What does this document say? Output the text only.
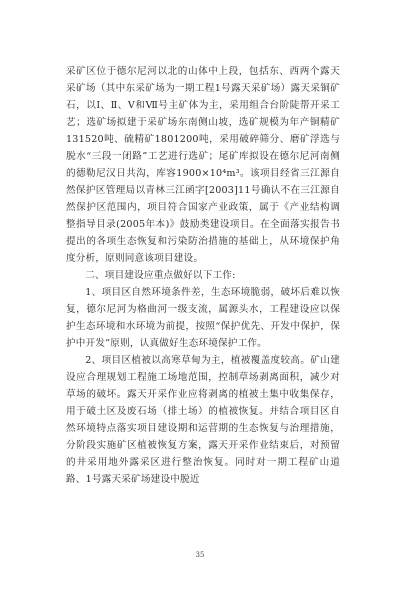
采矿区位于德尔尼河以北的山体中上段，包括东、西两个露天采矿场（其中东采矿场为一期工程1号露天采矿场）露天采铜矿石，以Ⅰ、Ⅱ、Ⅴ和Ⅶ号主矿体为主，采用组合台阶陡帮开采工艺；选矿场拟建于采矿场东南侧山坡，选矿规模为年产铜精矿131520吨、硫精矿1801200吨，采用破碎筛分、磨矿浮选与脱水“三段一闭路”工艺进行选矿；尾矿库拟设在德尔尼河南侧的德勒尼汉日共沟，库容1900×10⁴m³。该项目经省三江源自然保护区管理局以青林三江函字[2003]11号确认不在三江源自然保护区范围内，项目符合国家产业政策，属于《产业结构调整指导目录(2005年本)》鼓励类建设项目。在全面落实报告书提出的各项生态恢复和污染防治措施的基础上，从环境保护角度分析，原则同意该项目建设。

二、项目建设应重点做好以下工作:

1、项目区自然环境条件差，生态环境脆弱，破坏后难以恢复，德尔尼河为格曲河一级支流，属源头水，工程建设应以保护生态环境和水环境为前提，按照“保护优先、开发中保护，保护中开发”原则，认真做好生态环境保护工作。

2、项目区植被以高寒草甸为主，植被覆盖度较高。矿山建设应合理规划工程施工场地范围，控制草场剥离面积，减少对草场的破坏。露天开采作业应将剥离的植被土集中收集保存，用于破土区及废石场（排土场）的植被恢复。并结合项目区自然环境特点落实项目建设期和运营期的生态恢复与治理措施，分阶段实施矿区植被恢复方案，露天开采作业结束后，对预留的井采用地外露采区进行整治恢复。同时对一期工程矿山道路、1号露天采矿场建设中脱近

35
